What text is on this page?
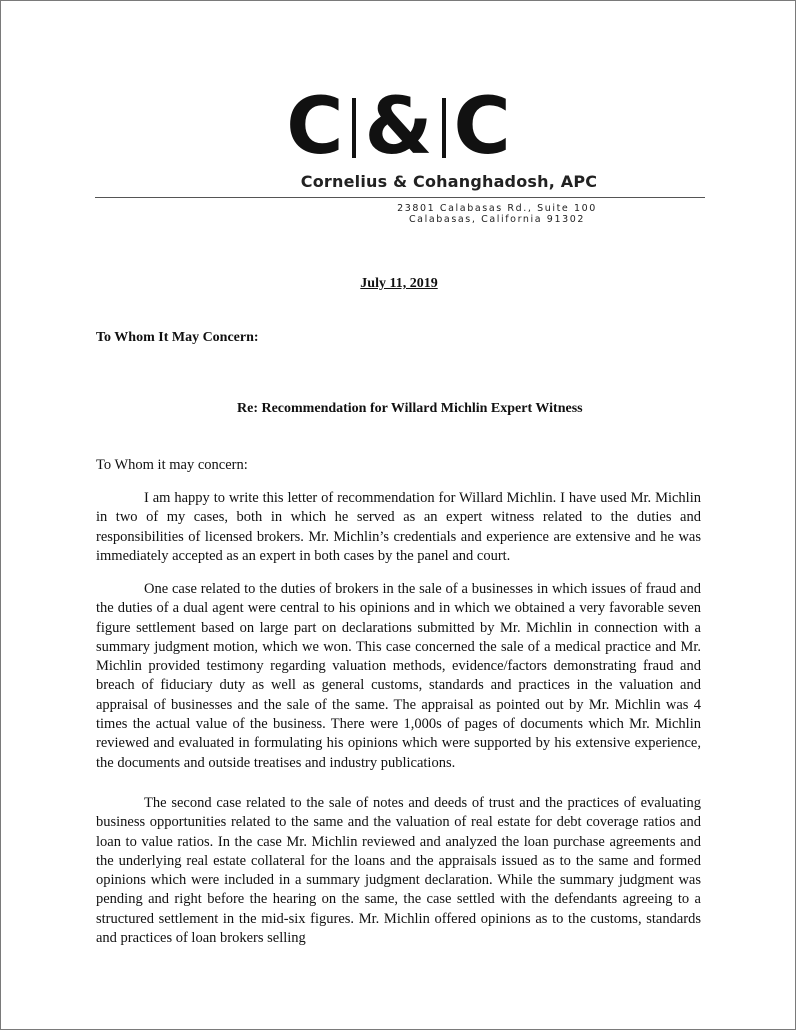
C & C
Cornelius & Cohanghadosh, APC
23801 Calabasas Rd., Suite 100
Calabasas, California 91302
July 11, 2019
To Whom It May Concern:
Re: Recommendation for Willard Michlin Expert Witness
To Whom it may concern:

I am happy to write this letter of recommendation for Willard Michlin. I have used Mr. Michlin in two of my cases, both in which he served as an expert witness related to the duties and responsibilities of licensed brokers. Mr. Michlin’s credentials and experience are extensive and he was immediately accepted as an expert in both cases by the panel and court.

One case related to the duties of brokers in the sale of a businesses in which issues of fraud and the duties of a dual agent were central to his opinions and in which we obtained a very favorable seven figure settlement based on large part on declarations submitted by Mr. Michlin in connection with a summary judgment motion, which we won. This case concerned the sale of a medical practice and Mr. Michlin provided testimony regarding valuation methods, evidence/factors demonstrating fraud and breach of fiduciary duty as well as general customs, standards and practices in the valuation and appraisal of businesses and the sale of the same. The appraisal as pointed out by Mr. Michlin was 4 times the actual value of the business. There were 1,000s of pages of documents which Mr. Michlin reviewed and evaluated in formulating his opinions which were supported by his extensive experience, the documents and outside treatises and industry publications.

The second case related to the sale of notes and deeds of trust and the practices of evaluating business opportunities related to the same and the valuation of real estate for debt coverage ratios and loan to value ratios. In the case Mr. Michlin reviewed and analyzed the loan purchase agreements and the underlying real estate collateral for the loans and the appraisals issued as to the same and formed opinions which were included in a summary judgment declaration. While the summary judgment was pending and right before the hearing on the same, the case settled with the defendants agreeing to a structured settlement in the mid-six figures. Mr. Michlin offered opinions as to the customs, standards and practices of loan brokers selling
